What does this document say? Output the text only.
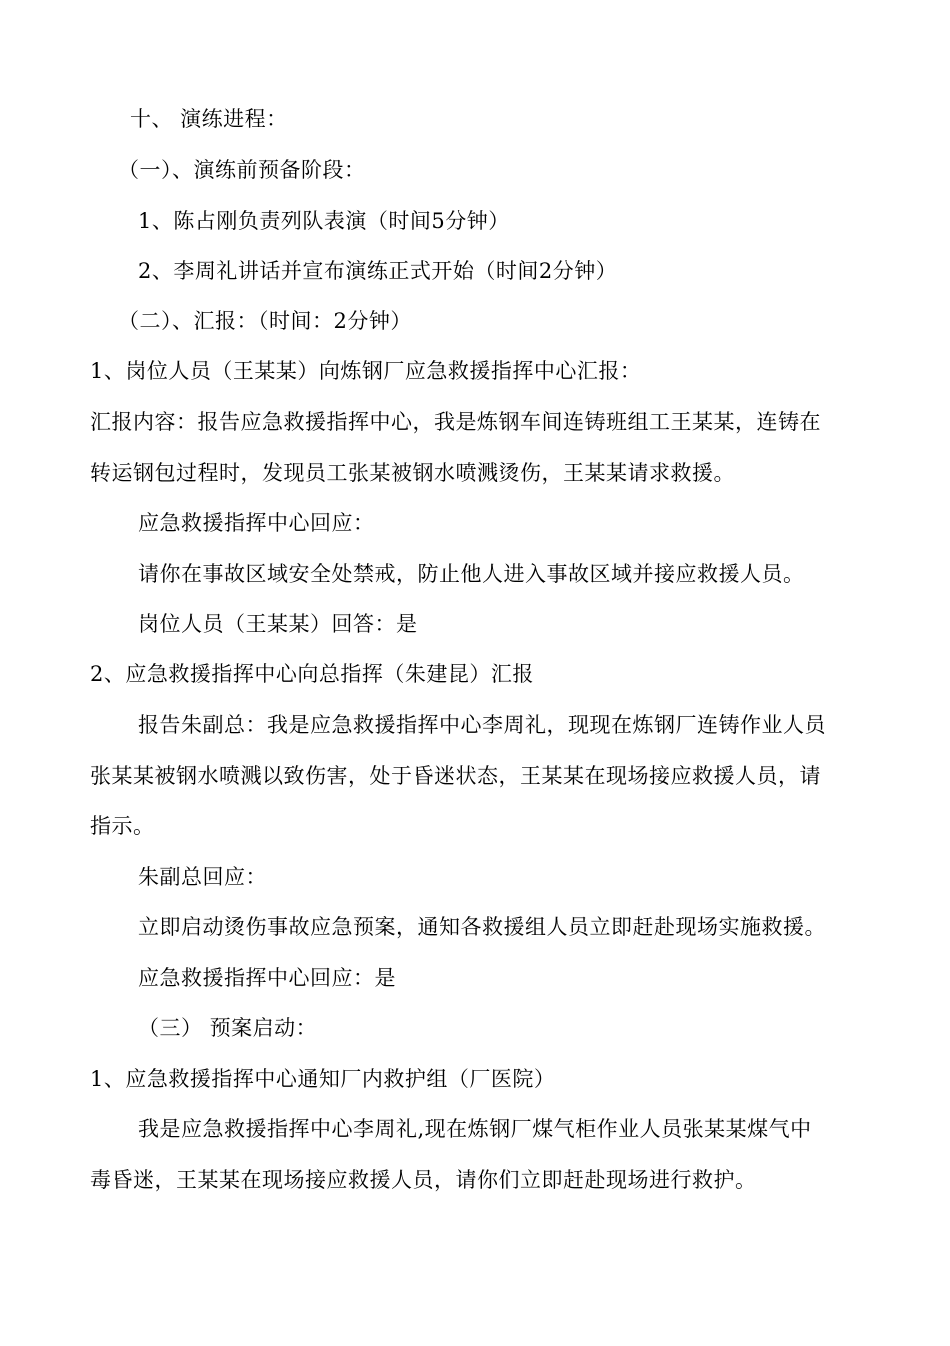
十、 演练进程：
（一）、演练前预备阶段：
1、陈占刚负责列队表演（时间5分钟）
2、李周礼讲话并宣布演练正式开始（时间2分钟）
（二）、汇报：（时间：2分钟）
1、岗位人员（王某某）向炼钢厂应急救援指挥中心汇报：
汇报内容：报告应急救援指挥中心，我是炼钢车间连铸班组工王某某，连铸在
转运钢包过程时，发现员工张某被钢水喷溅烫伤，王某某请求救援。
应急救援指挥中心回应：
请你在事故区域安全处禁戒，防止他人进入事故区域并接应救援人员。
岗位人员（王某某）回答：是
2、应急救援指挥中心向总指挥（朱建昆）汇报
报告朱副总：我是应急救援指挥中心李周礼，现现在炼钢厂连铸作业人员
张某某被钢水喷溅以致伤害，处于昏迷状态，王某某在现场接应救援人员，请
指示。
朱副总回应：
立即启动烫伤事故应急预案，通知各救援组人员立即赶赴现场实施救援。
应急救援指挥中心回应：是
（三） 预案启动：
1、应急救援指挥中心通知厂内救护组（厂医院）
我是应急救援指挥中心李周礼,现在炼钢厂煤气柜作业人员张某某煤气中
毒昏迷，王某某在现场接应救援人员，请你们立即赶赴现场进行救护。
